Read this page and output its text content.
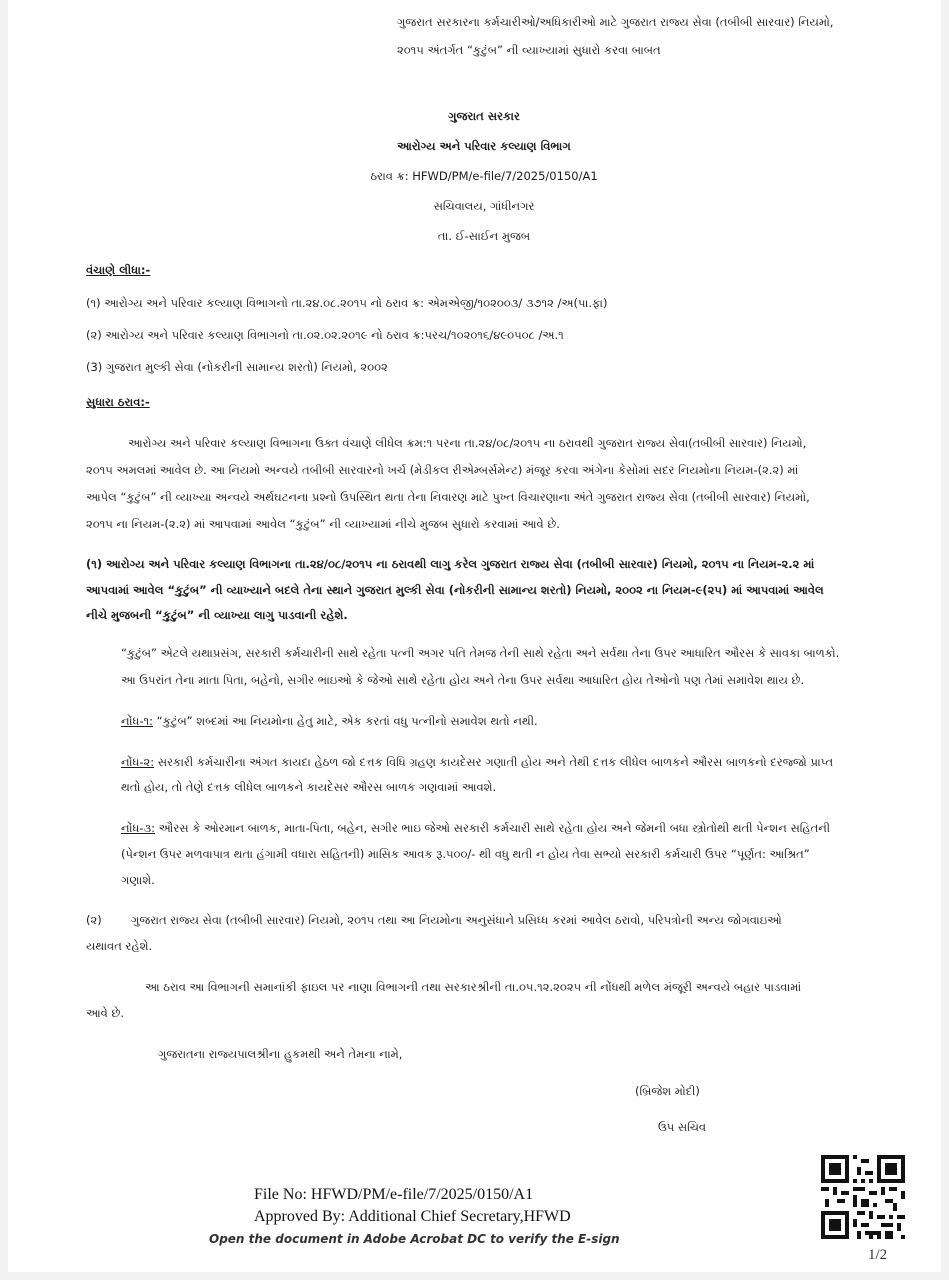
ગુજરાત સરકારના કર્મચારીઓ/અધિકારીઓ માટે ગુજરાત રાજ્ય સેવા (તબીબી સારવાર) નિયમો,
૨૦૧૫ અંતર્ગત “કુટુંબ” ની વ્યાખ્યામાં સુધારો કરવા બાબત
ગુજરાત સરકાર
આરોગ્ય અને પરિવાર કલ્યાણ વિભાગ
ઠરાવ ક્ર: HFWD/PM/e-file/7/2025/0150/A1
સચિવાલય, ગાંધીનગર
તા. ઈ-સાઈન મુજબ
વંચાણે લીધા:-
(૧) આરોગ્ય અને પરિવાર કલ્યાણ વિભાગનો તા.૨૪.૦૮.૨૦૧૫ નો ઠરાવ ક્ર: એમએજી/૧૦૨૦૦૩/ ૩૭૧૨ /અ(પા.ફા)
(૨) આરોગ્ય અને પરિવાર કલ્યાણ વિભાગનો તા.૦૨.૦૨.૨૦૧૯ નો ઠરાવ ક્ર:પરચ/૧૦૨૦૧૬/૪૯૦૫૦૮ /અ.૧
(3) ગુજરાત મુલ્કી સેવા (નોકરીની સામાન્ય શરતો) નિયમો, ૨૦૦૨
સુધારા ઠરાવ:-
આરોગ્ય અને પરિવાર કલ્યાણ વિભાગના ઉક્ત વંચાણે લીધેલ ક્રમ:૧ પરના તા.૨૪/૦૮/૨૦૧૫ ના ઠરાવથી ગુજરાત રાજ્ય સેવા(તબીબી સારવાર) નિયમો,
૨૦૧૫ અમલમાં આવેલ છે. આ નિયમો અન્વયે તબીબી સારવારનો ખર્ચ (મેડીકલ રીએમ્બર્સમેન્ટ) મંજૂર કરવા અંગેના કેસોમાં સદર નિયમોના નિયમ-(૨.૨) માં
આપેલ “કુટુંબ” ની વ્યાખ્યા અન્વયે અર્થઘટનના પ્રશ્નો ઉપસ્થિત થતા તેના નિવારણ માટે પુખ્ત વિચારણાના અંતે ગુજરાત રાજ્ય સેવા (તબીબી સારવાર) નિયમો,
૨૦૧૫ ના નિયમ-(૨.૨) માં આપવામાં આવેલ “કુટુંબ” ની વ્યાખ્યામાં નીચે મુજબ સુધારો કરવામાં આવે છે.
(૧) આરોગ્ય અને પરિવાર કલ્યાણ વિભાગના તા.૨૪/૦૮/૨૦૧૫ ના ઠરાવથી લાગુ કરેલ ગુજરાત રાજ્ય સેવા (તબીબી સારવાર) નિયમો, ૨૦૧૫ ના નિયમ-૨.૨ માં
આપવામાં આવેલ “કુટુંબ” ની વ્યાખ્યાને બદલે તેના સ્થાને ગુજરાત મુલ્કી સેવા (નોકરીની સામાન્ય શરતો) નિયમો, ૨૦૦૨ ના નિયમ-૯(૨૫) માં આપવામાં આવેલ
નીચે મુજબની “કુટુંબ” ની વ્યાખ્યા લાગુ પાડવાની રહેશે.
“કુટુંબ” એટલે યથાપ્રસંગ, સરકારી કર્મચારીની સાથે રહેતા પત્ની અગર પતિ તેમજ તેની સાથે રહેતા અને સર્વથા તેના ઉપર આધારિત ઔરસ કે સાવકા બાળકો.
આ ઉપરાંત તેના માતા પિતા, બહેનો, સગીર ભાઇઓ કે જેઓ સાથે રહેતા હોય અને તેના ઉપર સર્વથા આધારિત હોય તેઓનો પણ તેમાં સમાવેશ થાય છે.
નોંધ-૧: “કુટુંબ” શબ્દમાં આ નિયમોના હેતુ માટે, એક કરતાં વધુ પત્નીનો સમાવેશ થતો નથી.
નોંધ-૨: સરકારી કર્મચારીના અંગત કાયદા હેઠળ જો દત્તક વિધિ ગ્રહણ કાયદેસર ગણાતી હોય અને તેથી દત્તક લીધેલ બાળકને ઔરસ બાળકનો દરજ્જો પ્રાપ્ત
થતો હોય, તો તેણે દત્તક લીધેલ બાળકને કાયદેસર ઔરસ બાળક ગણવામાં આવશે.
નોંધ-૩: ઔરસ કે ઓરમાન બાળક, માતા-પિતા, બહેન, સગીર ભાઇ જેઓ સરકારી કર્મચારી સાથે રહેતા હોય અને જેમની બધા સ્ત્રોતોથી થતી પેન્શન સહિતની
(પેન્શન ઉપર મળવાપાત્ર થતા હંગામી વધારા સહિતની) માસિક આવક રૂ.૫૦૦/- થી વધુ થતી ન હોય તેવા સભ્યો સરકારી કર્મચારી ઉપર “પૂર્ણત: આશ્રિત”
ગણાશે.
(૨)        ગુજરાત રાજ્ય સેવા (તબીબી સારવાર) નિયમો, ૨૦૧૫ તથા આ નિયમોના અનુસંધાને પ્રસિધ્ધ કરમાં આવેલ ઠરાવો, પરિપત્રોની અન્ય જોગવાઇઓ
યથાવત રહેશે.
આ ઠરાવ આ વિભાગની સમાનાંકી ફાઇલ પર નાણા વિભાગની તથા સરકારશ્રીની તા.૦૫.૧૨.૨૦૨૫ ની નોંધથી મળેલ મંજૂરી અન્વયે બહાર પાડવામાં
આવે છે.
ગુજરાતના રાજ્યપાલશ્રીના હુકમથી અને તેમના નામે,
(બ્રિજેશ મોદી)
ઉપ સચિવ
File No: HFWD/PM/e-file/7/2025/0150/A1
Approved By: Additional Chief Secretary,HFWD
Open the document in Adobe Acrobat DC to verify the E-sign
1/2
